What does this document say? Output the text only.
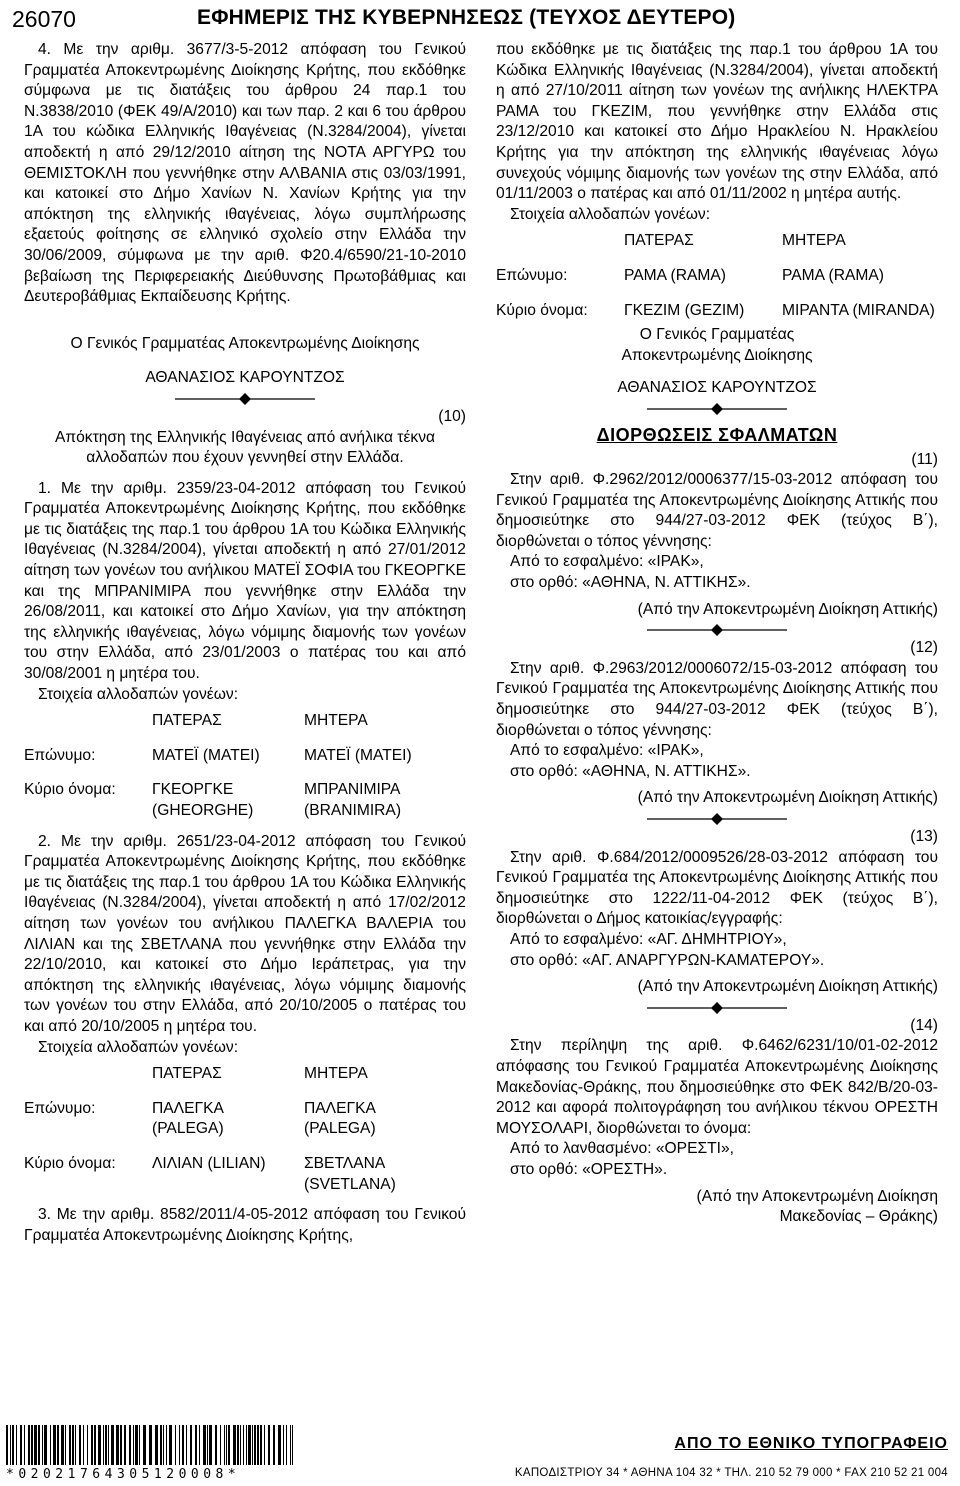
26070	ΕΦΗΜΕΡΙΣ ΤΗΣ ΚΥΒΕΡΝΗΣΕΩΣ (ΤΕΥΧΟΣ ΔΕΥΤΕΡΟ)

4. Με την αριθμ. 3677/3-5-2012 απόφαση του Γενικού Γραμματέα Αποκεντρωμένης Διοίκησης Κρήτης, που εκδόθηκε σύμφωνα με τις διατάξεις του άρθρου 24 παρ.1 του Ν.3838/2010 (ΦΕΚ 49/Α/2010) και των παρ. 2 και 6 του άρθρου 1Α του κώδικα Ελληνικής Ιθαγένειας (Ν.3284/2004), γίνεται αποδεκτή η από 29/12/2010 αίτηση της ΝΟΤΑ ΑΡΓΥΡΩ του ΘΕΜΙΣΤΟΚΛΗ που γεννήθηκε στην ΑΛΒΑΝΙΑ στις 03/03/1991, και κατοικεί στο Δήμο Χανίων Ν. Χανίων Κρήτης για την απόκτηση της ελληνικής ιθαγένειας, λόγω συμπλήρωσης εξαετούς φοίτησης σε ελληνικό σχολείο στην Ελλάδα την 30/06/2009, σύμφωνα με την αριθ. Φ20.4/6590/21-10-2010 βεβαίωση της Περιφερειακής Διεύθυνσης Πρωτοβάθμιας και Δευτεροβάθμιας Εκπαίδευσης Κρήτης.

Ο Γενικός Γραμματέας Αποκεντρωμένης Διοίκησης

ΑΘΑΝΑΣΙΟΣ ΚΑΡΟΥΝΤΖΟΣ

(10)

Απόκτηση της Ελληνικής Ιθαγένειας από ανήλικα τέκνα

αλλοδαπών που έχουν γεννηθεί στην Ελλάδα.

1. Με την αριθμ. 2359/23-04-2012 απόφαση του Γενικού Γραμματέα Αποκεντρωμένης Διοίκησης Κρήτης, που εκδόθηκε με τις διατάξεις της παρ.1 του άρθρου 1Α του Κώδικα Ελληνικής Ιθαγένειας (Ν.3284/2004), γίνεται αποδεκτή η από 27/01/2012 αίτηση των γονέων του ανήλικου ΜΑΤΕΪ ΣΟΦΙΑ του ΓΚΕΟΡΓΚΕ και της ΜΠΡΑΝΙΜΙΡΑ που γεννήθηκε στην Ελλάδα την 26/08/2011, και κατοικεί στο Δήμο Χανίων, για την απόκτηση της ελληνικής ιθαγένειας, λόγω νόμιμης διαμονής των γονέων του στην Ελλάδα, από 23/01/2003 ο πατέρας του και από 30/08/2001 η μητέρα του.

Στοιχεία αλλοδαπών γονέων:

	ΠΑΤΕΡΑΣ	ΜΗΤΕΡΑ
Επώνυμο:	ΜΑΤΕΪ (MATEI)	ΜΑΤΕΪ (MATEI)
Κύριο όνομα:	ΓΚΕΟΡΓΚΕ (GHEORGHE)	ΜΠΡΑΝΙΜΙΡΑ (BRANIMIRA)

2. Με την αριθμ. 2651/23-04-2012 απόφαση του Γενικού Γραμματέα Αποκεντρωμένης Διοίκησης Κρήτης, που εκδόθηκε με τις διατάξεις της παρ.1 του άρθρου 1Α του Κώδικα Ελληνικής Ιθαγένειας (Ν.3284/2004), γίνεται αποδεκτή η από 17/02/2012 αίτηση των γονέων του ανήλικου ΠΑΛΕΓΚΑ ΒΑΛΕΡΙΑ του ΛΙΛΙΑΝ και της ΣΒΕΤΛΑΝΑ που γεννήθηκε στην Ελλάδα την 22/10/2010, και κατοικεί στο Δήμο Ιεράπετρας, για την απόκτηση της ελληνικής ιθαγένειας, λόγω νόμιμης διαμονής των γονέων του στην Ελλάδα, από 20/10/2005 ο πατέρας του και από 20/10/2005 η μητέρα του.

Στοιχεία αλλοδαπών γονέων:

	ΠΑΤΕΡΑΣ	ΜΗΤΕΡΑ
Επώνυμο:	ΠΑΛΕΓΚΑ (PALEGA)	ΠΑΛΕΓΚΑ (PALEGA)
Κύριο όνομα:	ΛΙΛΙΑΝ (LILIAN)	ΣΒΕΤΛΑΝΑ (SVETLANA)

3. Με την αριθμ. 8582/2011/4-05-2012 απόφαση του Γενικού Γραμματέα Αποκεντρωμένης Διοίκησης Κρήτης,

που εκδόθηκε με τις διατάξεις της παρ.1 του άρθρου 1Α του Κώδικα Ελληνικής Ιθαγένειας (Ν.3284/2004), γίνεται αποδεκτή η από 27/10/2011 αίτηση των γονέων της ανήλικης ΗΛΕΚΤΡΑ ΡΑΜΑ του ΓΚΕΖΙΜ, που γεννήθηκε στην Ελλάδα στις 23/12/2010 και κατοικεί στο Δήμο Ηρακλείου Ν. Ηρακλείου Κρήτης για την απόκτηση της ελληνικής ιθαγένειας λόγω συνεχούς νόμιμης διαμονής των γονέων της στην Ελλάδα, από 01/11/2003 ο πατέρας και από 01/11/2002 η μητέρα αυτής.

Στοιχεία αλλοδαπών γονέων:

	ΠΑΤΕΡΑΣ	ΜΗΤΕΡΑ
Επώνυμο:	ΡΑΜΑ (RAMA)	ΡΑΜΑ (RAMA)
Κύριο όνομα:	ΓΚΕΖΙΜ (GEZIM)	ΜΙΡΑΝΤΑ (MIRANDA)

Ο Γενικός Γραμματέας

Αποκεντρωμένης Διοίκησης

ΑΘΑΝΑΣΙΟΣ ΚΑΡΟΥΝΤΖΟΣ

ΔΙΟΡΘΩΣΕΙΣ ΣΦΑΛΜΑΤΩΝ

(11)

Στην αριθ. Φ.2962/2012/0006377/15-03-2012 απόφαση του Γενικού Γραμματέα της Αποκεντρωμένης Διοίκησης Αττικής που δημοσιεύτηκε στο 944/27-03-2012 ΦΕΚ (τεύχος Β΄), διορθώνεται ο τόπος γέννησης:

Από το εσφαλμένο: «ΙΡΑΚ»,

στο ορθό: «ΑΘΗΝΑ, Ν. ΑΤΤΙΚΗΣ».

(Από την Αποκεντρωμένη Διοίκηση Αττικής)

(12)

Στην αριθ. Φ.2963/2012/0006072/15-03-2012 απόφαση του Γενικού Γραμματέα της Αποκεντρωμένης Διοίκησης Αττικής που δημοσιεύτηκε στο 944/27-03-2012 ΦΕΚ (τεύχος Β΄), διορθώνεται ο τόπος γέννησης:

Από το εσφαλμένο: «ΙΡΑΚ»,

στο ορθό: «ΑΘΗΝΑ, Ν. ΑΤΤΙΚΗΣ».

(Από την Αποκεντρωμένη Διοίκηση Αττικής)

(13)

Στην αριθ. Φ.684/2012/0009526/28-03-2012 απόφαση του Γενικού Γραμματέα της Αποκεντρωμένης Διοίκησης Αττικής που δημοσιεύτηκε στο 1222/11-04-2012 ΦΕΚ (τεύχος Β΄), διορθώνεται ο Δήμος κατοικίας/εγγραφής:

Από το εσφαλμένο: «ΑΓ. ΔΗΜΗΤΡΙΟΥ»,

στο ορθό: «ΑΓ. ΑΝΑΡΓΥΡΩΝ-ΚΑΜΑΤΕΡΟΥ».

(Από την Αποκεντρωμένη Διοίκηση Αττικής)

(14)

Στην περίληψη της αριθ. Φ.6462/6231/10/01-02-2012 απόφασης του Γενικού Γραμματέα Αποκεντρωμένης Διοίκησης Μακεδονίας-Θράκης, που δημοσιεύθηκε στο ΦΕΚ 842/Β/20-03-2012 και αφορά πολιτογράφηση του ανήλικου τέκνου ΟΡΕΣΤΗ ΜΟΥΣΟΛΑΡΙ, διορθώνεται το όνομα:

Από το λανθασμένο: «ΟΡΕΣΤΙ»,

στο ορθό: «ΟΡΕΣΤΗ».

(Από την Αποκεντρωμένη Διοίκηση

Μακεδονίας – Θράκης)

*02021764305120008*
ΑΠΟ ΤΟ ΕΘΝΙΚΟ ΤΥΠΟΓΡΑΦΕΙΟ
ΚΑΠΟΔΙΣΤΡΙΟΥ 34 * ΑΘΗΝΑ 104 32 * ΤΗΛ. 210 52 79 000 * FAX 210 52 21 004
